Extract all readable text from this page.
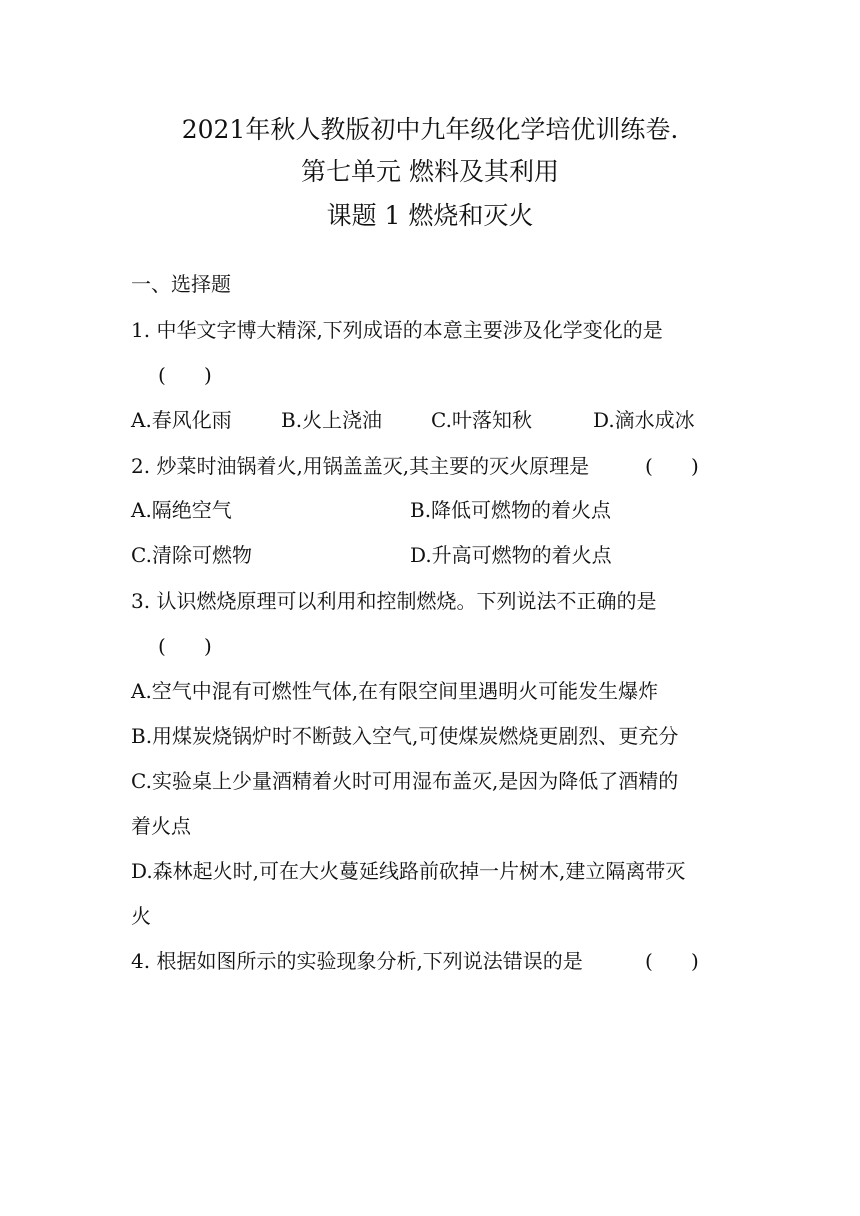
2021年秋人教版初中九年级化学培优训练卷.
第七单元 燃料及其利用
课题 1 燃烧和灭火
一、选择题
1. 中华文字博大精深,下列成语的本意主要涉及化学变化的是
(      )
A.春风化雨 B.火上浇油 C.叶落知秋	D.滴水成冰
2. 炒菜时油锅着火,用锅盖盖灭,其主要的灭火原理是	(      )
A.隔绝空气	B.降低可燃物的着火点
C.清除可燃物	D.升高可燃物的着火点
3. 认识燃烧原理可以利用和控制燃烧。下列说法不正确的是
(      )
A.空气中混有可燃性气体,在有限空间里遇明火可能发生爆炸
B.用煤炭烧锅炉时不断鼓入空气,可使煤炭燃烧更剧烈、更充分
C.实验桌上少量酒精着火时可用湿布盖灭,是因为降低了酒精的
着火点
D.森林起火时,可在大火蔓延线路前砍掉一片树木,建立隔离带灭
火
4. 根据如图所示的实验现象分析,下列说法错误的是	(      )
